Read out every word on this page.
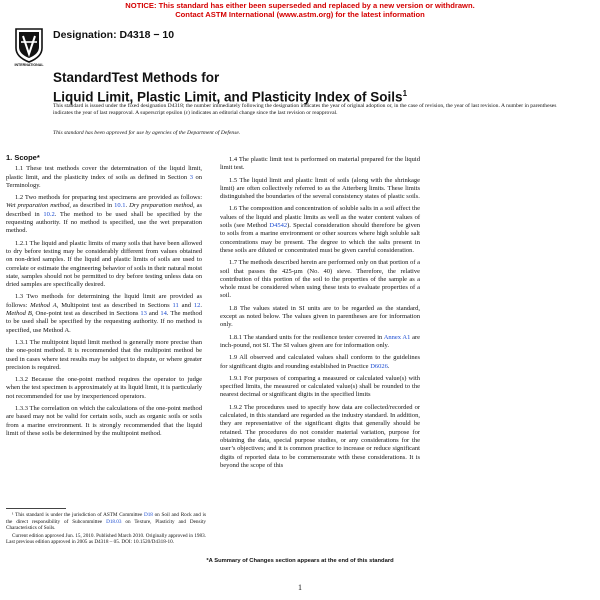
NOTICE: This standard has either been superseded and replaced by a new version or withdrawn.
Contact ASTM International (www.astm.org) for the latest information
INTERNATIONAL
Designation: D4318 − 10
StandardTest Methods for
Liquid Limit, Plastic Limit, and Plasticity Index of Soils$^1$
This standard is issued under the fixed designation D4318; the number immediately following the designation indicates the year of original adoption or, in the case of revision, the year of last revision. A number in parentheses indicates the year of last reapproval. A superscript epsilon (ε) indicates an editorial change since the last revision or reapproval.
This standard has been approved for use by agencies of the Department of Defense.
1. Scope*

1.1 These test methods cover the determination of the liquid limit, plastic limit, and the plasticity index of soils as defined in Section 3 on Terminology.

1.2 Two methods for preparing test specimens are provided as follows: Wet preparation method, as described in 10.1. Dry preparation method, as described in 10.2. The method to be used shall be specified by the requesting authority. If no method is specified, use the wet preparation method.

1.2.1 The liquid and plastic limits of many soils that have been allowed to dry before testing may be considerably different from values obtained on non-dried samples. If the liquid and plastic limits of soils are used to correlate or estimate the engineering behavior of soils in their natural moist state, samples should not be permitted to dry before testing unless data on dried samples are specifically desired.

1.3 Two methods for determining the liquid limit are provided as follows: Method A, Multipoint test as described in Sections 11 and 12. Method B, One-point test as described in Sections 13 and 14. The method to be used shall be specified by the requesting authority. If no method is specified, use Method A.

1.3.1 The multipoint liquid limit method is generally more precise than the one-point method. It is recommended that the multipoint method be used in cases where test results may be subject to dispute, or where greater precision is required.

1.3.2 Because the one-point method requires the operator to judge when the test specimen is approximately at its liquid limit, it is particularly not recommended for use by inexperienced operators.

1.3.3 The correlation on which the calculations of the one-point method are based may not be valid for certain soils, such as organic soils or soils from a marine environment. It is strongly recommended that the liquid limit of these soils be determined by the multipoint method.

1.4 The plastic limit test is performed on material prepared for the liquid limit test.

1.5 The liquid limit and plastic limit of soils (along with the shrinkage limit) are often collectively referred to as the Atterberg limits. These limits distinguished the boundaries of the several consistency states of plastic soils.

1.6 The composition and concentration of soluble salts in a soil affect the values of the liquid and plastic limits as well as the water content values of soils (see Method D4542). Special consideration should therefore be given to soils from a marine environment or other sources where high soluble salt concentrations may be present. The degree to which the salts present in these soils are diluted or concentrated must be given careful consideration.

1.7 The methods described herein are performed only on that portion of a soil that passes the 425-µm (No. 40) sieve. Therefore, the relative contribution of this portion of the soil to the properties of the sample as a whole must be considered when using these tests to evaluate properties of a soil.

1.8 The values stated in SI units are to be regarded as the standard, except as noted below. The values given in parentheses are for information only.

1.8.1 The standard units for the resilience tester covered in Annex A1 are inch-pound, not SI. The SI values given are for information only.

1.9 All observed and calculated values shall conform to the guidelines for significant digits and rounding established in Practice D6026.

1.9.1 For purposes of comparing a measured or calculated value(s) with specified limits, the measured or calculated value(s) shall be rounded to the nearest decimal or significant digits in the specified limits

1.9.2 The procedures used to specify how data are collected/recorded or calculated, in this standard are regarded as the industry standard. In addition, they are representative of the significant digits that generally should be retained. The procedures do not consider material variation, purpose for obtaining the data, special purpose studies, or any considerations for the user’s objectives; and it is common practice to increase or reduce significant digits of reported data to be commensurate with these considerations. It is beyond the scope of this

¹ This standard is under the jurisdiction of ASTM Committee D18 on Soil and Rock and is the direct responsibility of Subcommittee D18.03 on Texture, Plasticity and Density Characteristics of Soils.

Current edition approved Jun. 15, 2010. Published March 2010. Originally approved in 1983. Last previous edition approved in 2005 as D4318 – 05. DOI: 10.1520/D4318-10.

*A Summary of Changes section appears at the end of this standard
1
